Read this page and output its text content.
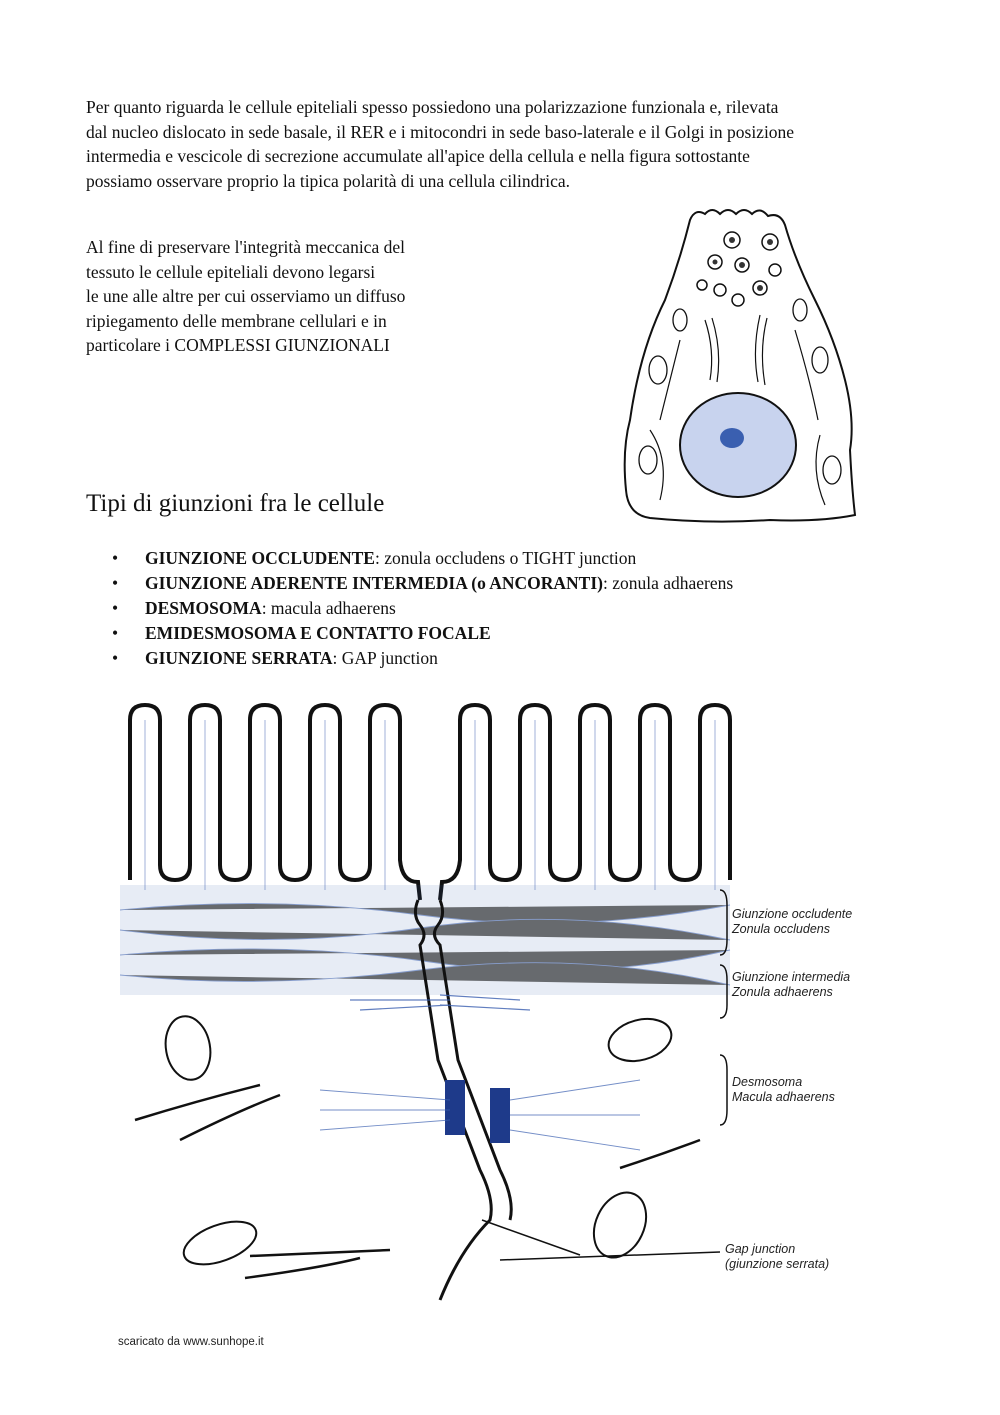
Per quanto riguarda le cellule epiteliali spesso possiedono una polarizzazione funzionala e, rilevata
dal nucleo dislocato in sede basale, il RER e i mitocondri in sede baso-laterale e il Golgi in posizione
intermedia e vescicole di secrezione accumulate all'apice della cellula e nella figura sottostante
possiamo osservare proprio la tipica polarità di una cellula cilindrica.

Al fine di preservare l'integrità meccanica del
tessuto le cellule epiteliali devono legarsi
le une alle altre per cui osserviamo un diffuso
ripiegamento delle membrane cellulari e in
particolare i COMPLESSI GIUNZIONALI

Tipi di giunzioni fra le cellule
• GIUNZIONE OCCLUDENTE: zonula occludens o TIGHT junction
• GIUNZIONE ADERENTE INTERMEDIA (o ANCORANTI): zonula adhaerens
• DESMOSOMA: macula adhaerens
• EMIDESMOSOMA E CONTATTO FOCALE
• GIUNZIONE SERRATA: GAP junction
Giunzione occludente
Zonula occludens
Giunzione intermedia
Zonula adhaerens
Desmosoma
Macula adhaerens
Gap junction
(giunzione serrata)
scaricato da www.sunhope.it
